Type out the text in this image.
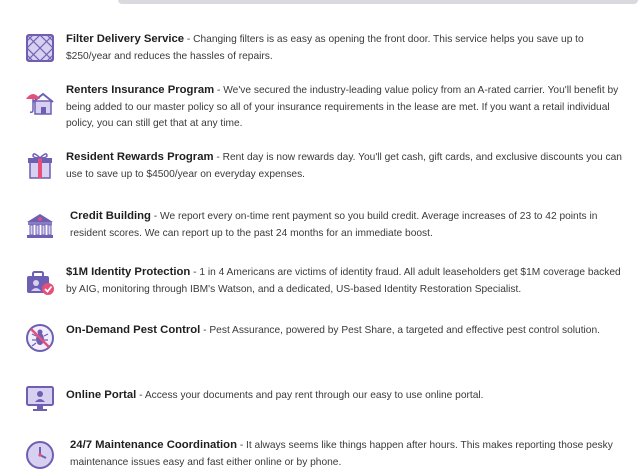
Filter Delivery Service - Changing filters is as easy as opening the front door. This service helps you save up to $250/year and reduces the hassles of repairs.
Renters Insurance Program - We've secured the industry-leading value policy from an A-rated carrier. You'll benefit by being added to our master policy so all of your insurance requirements in the lease are met. If you want a retail individual policy, you can still get that at any time.
Resident Rewards Program - Rent day is now rewards day. You'll get cash, gift cards, and exclusive discounts you can use to save up to $4500/year on everyday expenses.
Credit Building - We report every on-time rent payment so you build credit. Average increases of 23 to 42 points in resident scores. We can report up to the past 24 months for an immediate boost.
$1M Identity Protection - 1 in 4 Americans are victims of identity fraud. All adult leaseholders get $1M coverage backed by AIG, monitoring through IBM's Watson, and a dedicated, US-based Identity Restoration Specialist.
On-Demand Pest Control - Pest Assurance, powered by Pest Share, a targeted and effective pest control solution.
Online Portal - Access your documents and pay rent through our easy to use online portal.
24/7 Maintenance Coordination - It always seems like things happen after hours. This makes reporting those pesky maintenance issues easy and fast either online or by phone.
